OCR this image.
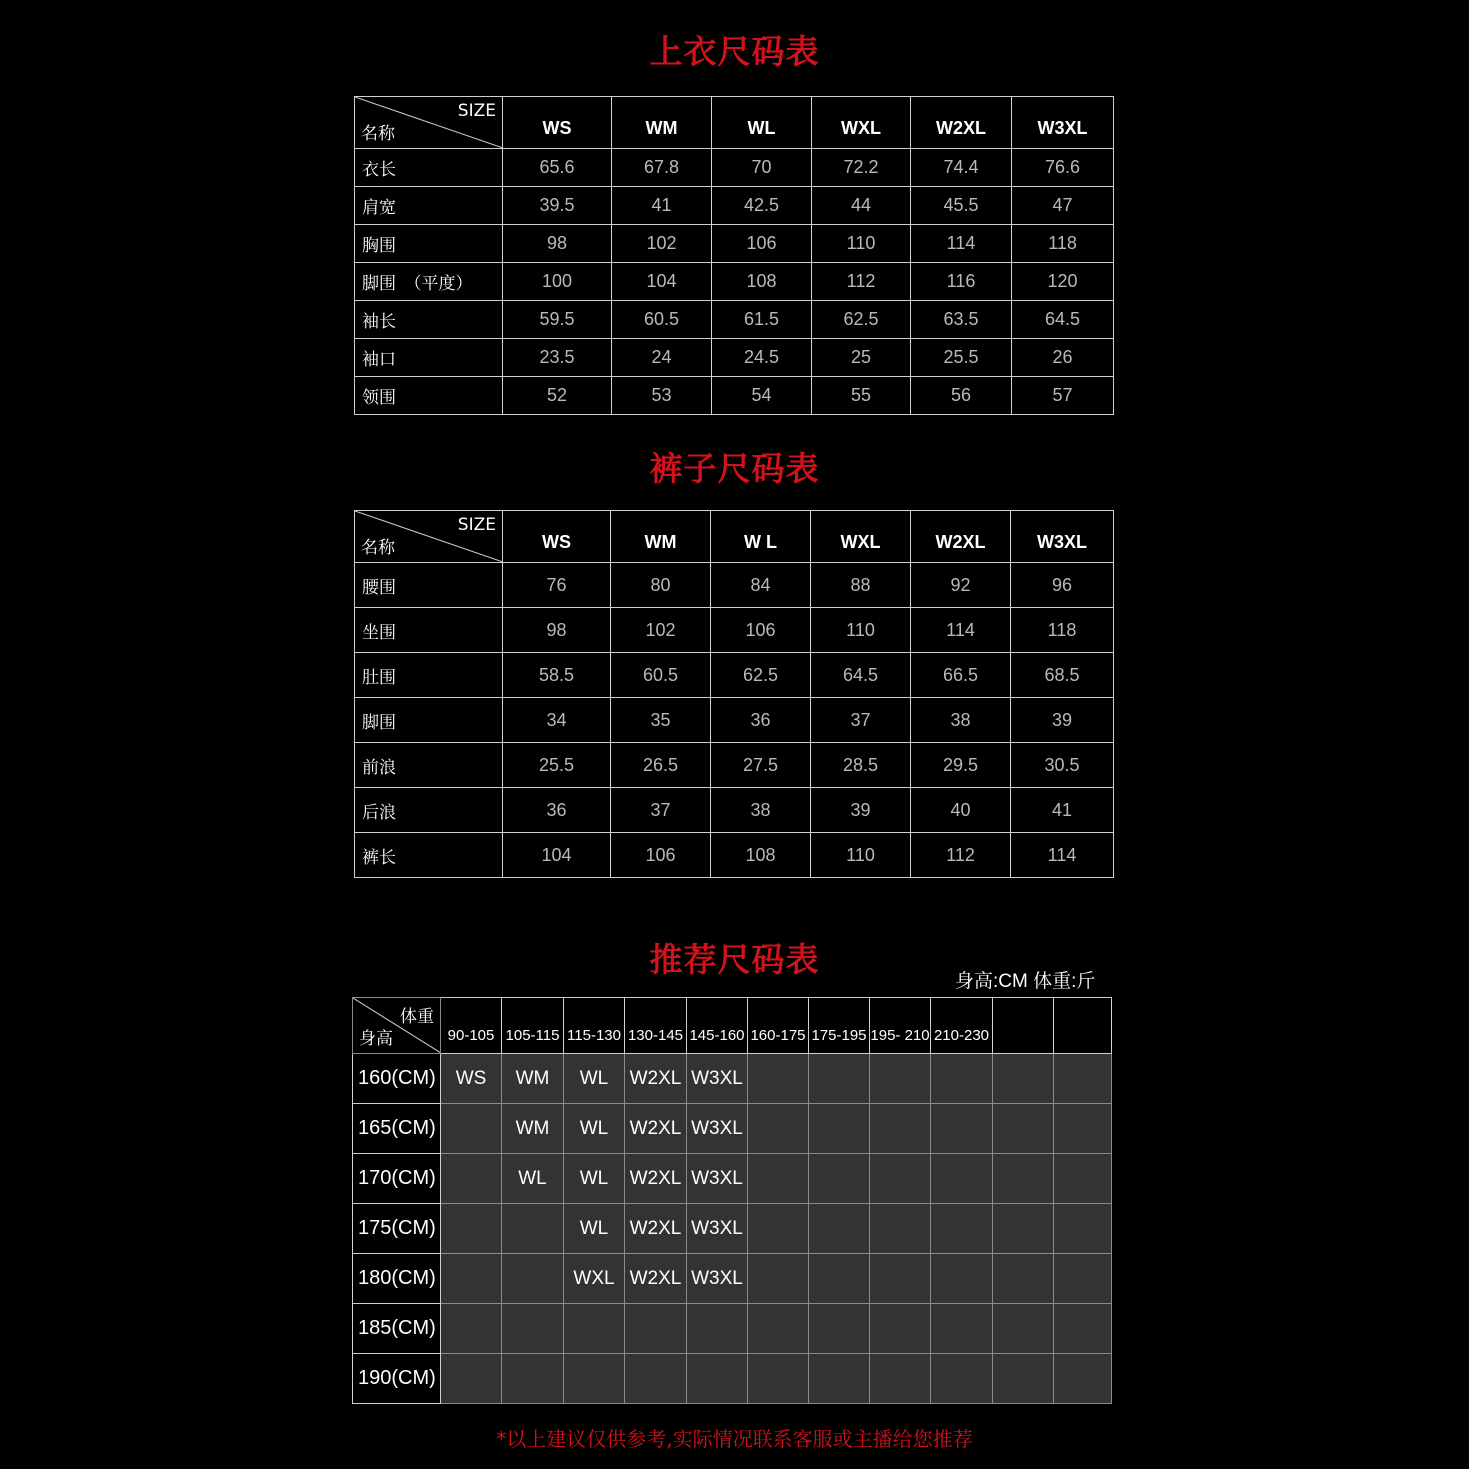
上衣尺码表
SIZE
名称	WS	WM	WL	WXL	W2XL	W3XL
衣长	65.6	67.8	70	72.2	74.4	76.6
肩宽	39.5	41	42.5	44	45.5	47
胸围	98	102	106	110	114	118
脚围　（平度）	100	104	108	112	116	120
袖长	59.5	60.5	61.5	62.5	63.5	64.5
袖口	23.5	24	24.5	25	25.5	26
领围	52	53	54	55	56	57
裤子尺码表
SIZE
名称	WS	WM	W L	WXL	W2XL	W3XL
腰围	76	80	84	88	92	96
坐围	98	102	106	110	114	118
肚围	58.5	60.5	62.5	64.5	66.5	68.5
脚围	34	35	36	37	38	39
前浪	25.5	26.5	27.5	28.5	29.5	30.5
后浪	36	37	38	39	40	41
裤长	104	106	108	110	112	114
推荐尺码表
身高:CM 体重:斤
体重
身高	90-105	105-115	115-130	130-145	145-160	160-175	175-195	195- 210	210-230		
160(CM)	WS	WM	WL	W2XL	W3XL						
165(CM)		WM	WL	W2XL	W3XL						
170(CM)		WL	WL	W2XL	W3XL						
175(CM)			WL	W2XL	W3XL						
180(CM)			WXL	W2XL	W3XL						
185(CM)											
190(CM)											
*以上建议仅供参考,实际情况联系客服或主播给您推荐
